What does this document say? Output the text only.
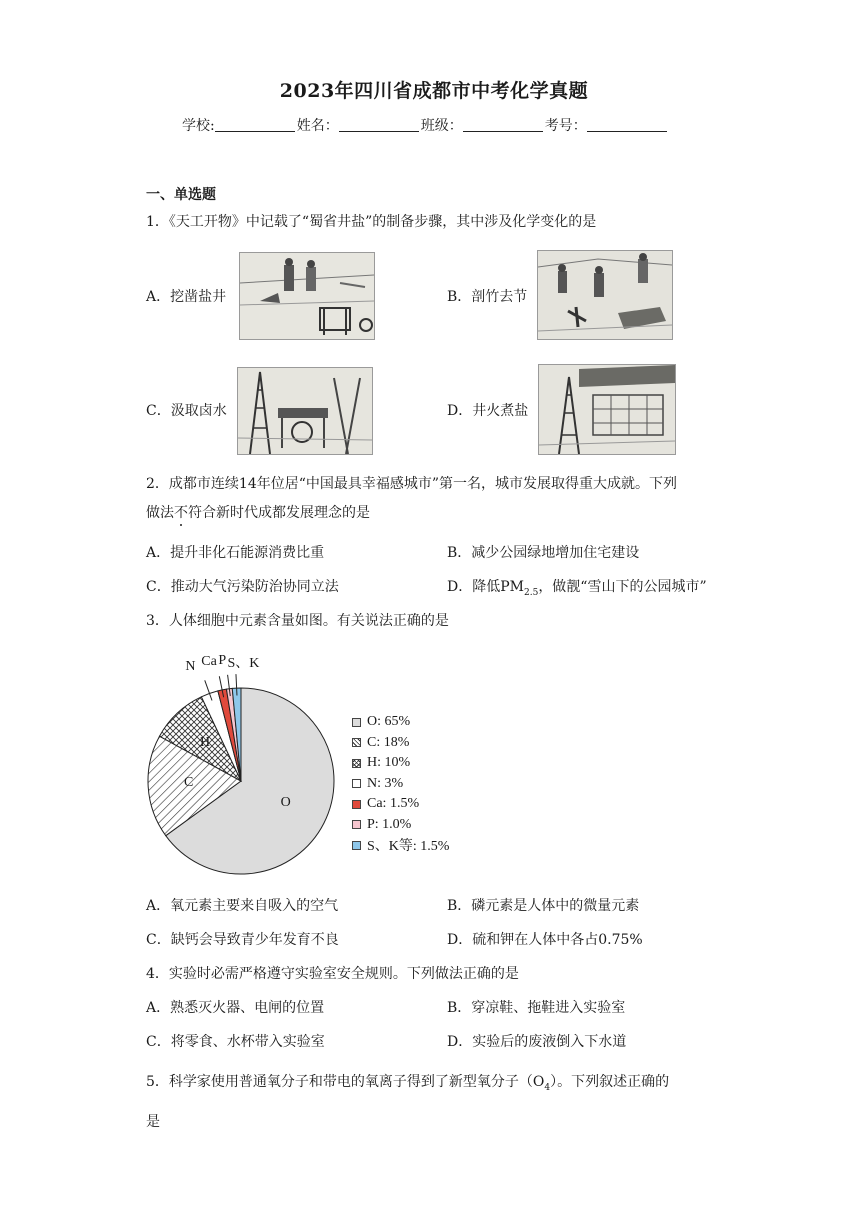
2023年四川省成都市中考化学真题
学校:	姓名：	班级：	考号：
一、单选题
1．《天工开物》中记载了“蜀省井盐”的制备步骤，其中涉及化学变化的是
A．挖凿盐井	B．剖竹去节
C．汲取卤水	D．井火煮盐
2．成都市连续14年位居“中国最具幸福感城市”第一名，城市发展取得重大成就。下列
做法不符合新时代成都发展理念的是
A．提升非化石能源消费比重	B．减少公园绿地增加住宅建设
C．推动大气污染防治协同立法	D．降低$PM_{2.5}$，做靓“雪山下的公园城市”
3．人体细胞中元素含量如图。有关说法正确的是
O
C
H
N Ca P S、K
O: 65%
C: 18%
H: 10%
N: 3%
Ca: 1.5%
P: 1.0%
S、K等: 1.5%
A．氧元素主要来自吸入的空气	B．磷元素是人体中的微量元素
C．缺钙会导致青少年发育不良	D．硫和钾在人体中各占0.75%
4．实验时必需严格遵守实验室安全规则。下列做法正确的是
A．熟悉灭火器、电闸的位置	B．穿凉鞋、拖鞋进入实验室
C．将零食、水杯带入实验室	D．实验后的废液倒入下水道
5．科学家使用普通氧分子和带电的氧离子得到了新型氧分子$(O_4)$。下列叙述正确的
是
